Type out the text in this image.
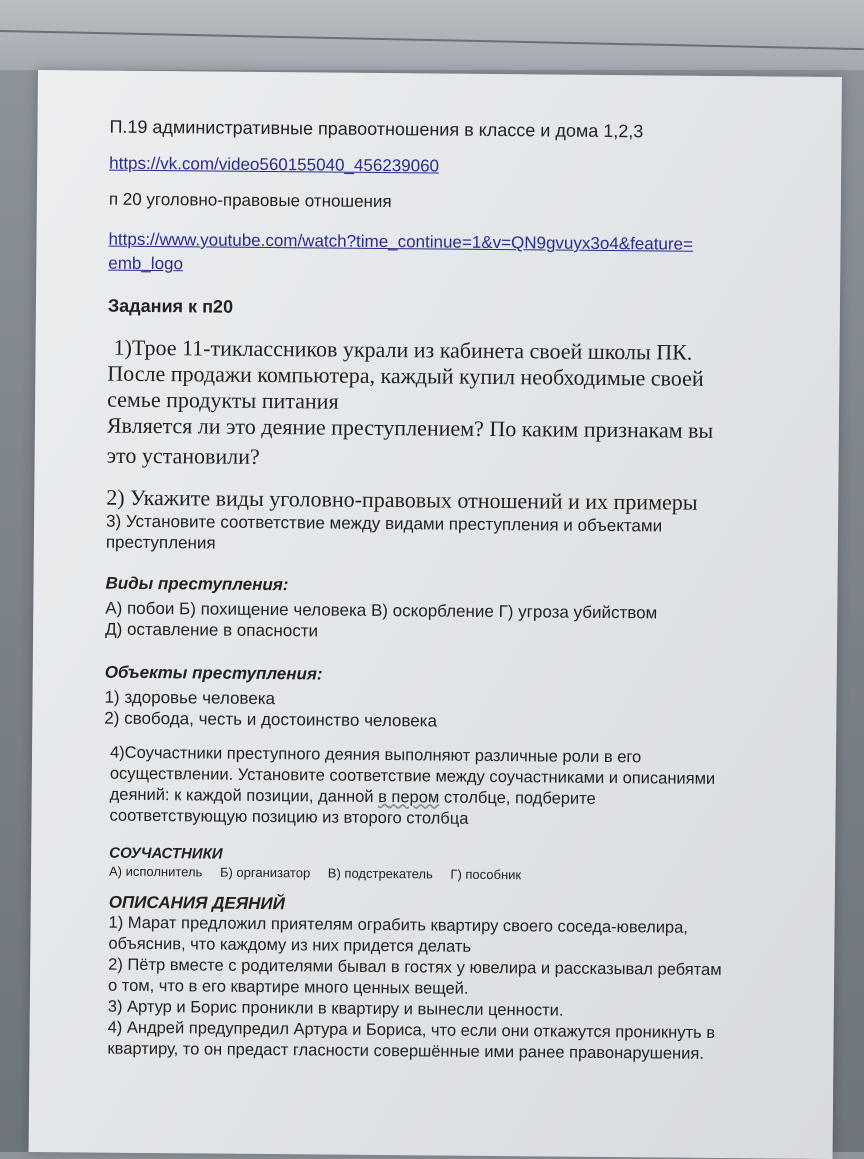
П.19 административные правоотношения в классе и дома 1,2,3

https://vk.com/video560155040_456239060

п 20 уголовно-правовые отношения

https://www.youtube.com/watch?time_continue=1&v=QN9gvuyx3o4&feature=

emb_logo

Задания к п20

1)Трое 11-тиклассников украли из кабинета своей школы ПК.

После продажи компьютера, каждый купил необходимые своей

семье продукты питания

Является ли это деяние преступлением? По каким признакам вы

это установили?

2) Укажите виды уголовно-правовых отношений и их примеры

3) Установите соответствие между видами преступления и объектами

преступления

Виды преступления:

А) побои Б) похищение человека В) оскорбление Г) угроза убийством

Д) оставление в опасности

Объекты преступления:

1) здоровье человека

2) свобода, честь и достоинство человека

4)Соучастники преступного деяния выполняют различные роли в его

осуществлении. Установите соответствие между соучастниками и описаниями

деяний: к каждой позиции, данной в пером столбце, подберите

соответствующую позицию из второго столбца

СОУЧАСТНИКИ

А) исполнитель Б) организатор В) подстрекатель Г) пособник

ОПИСАНИЯ ДЕЯНИЙ

1) Марат предложил приятелям ограбить квартиру своего соседа-ювелира,

объяснив, что каждому из них придется делать

2) Пётр вместе с родителями бывал в гостях у ювелира и рассказывал ребятам

о том, что в его квартире много ценных вещей.

3) Артур и Борис проникли в квартиру и вынесли ценности.

4) Андрей предупредил Артура и Бориса, что если они откажутся проникнуть в

квартиру, то он предаст гласности совершённые ими ранее правонарушения.
